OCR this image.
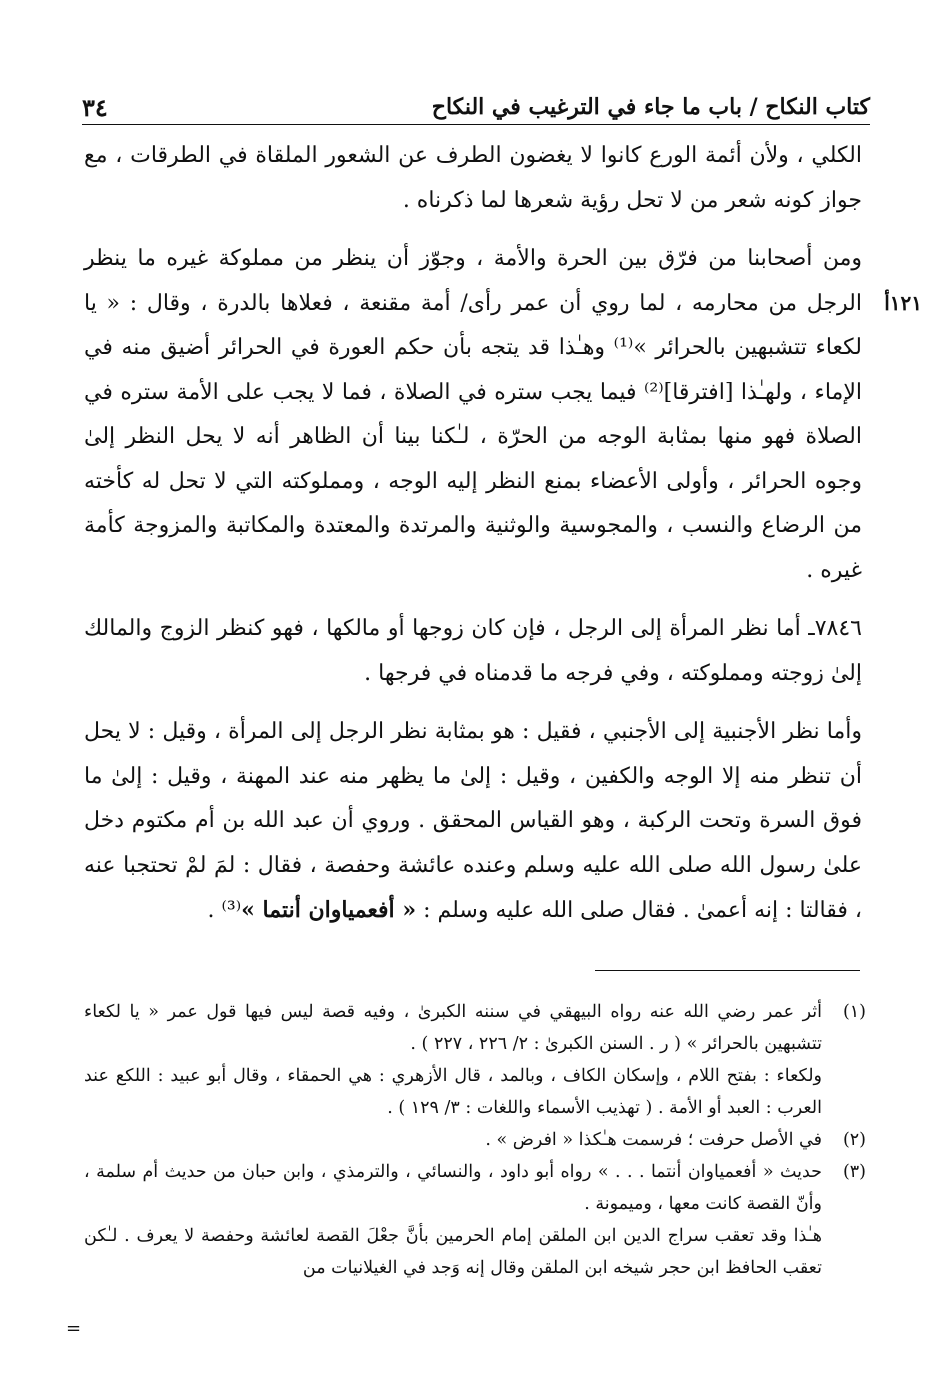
كتاب النكاح / باب ما جاء في الترغيب في النكاح
٣٤
١٢١أ

الكلي ، ولأن أئمة الورع كانوا لا يغضون الطرف عن الشعور الملقاة في الطرقات ، مع جواز كونه شعر من لا تحل رؤية شعرها لما ذكرناه .

ومن أصحابنا من فرّق بين الحرة والأمة ، وجوّز أن ينظر من مملوكة غيره ما ينظر الرجل من محارمه ، لما روي أن عمر رأى/ أمة مقنعة ، فعلاها بالدرة ، وقال : « يا لكعاء تتشبهين بالحرائر »⁽¹⁾ وهـٰذا قد يتجه بأن حكم العورة في الحرائر أضيق منه في الإماء ، ولهـٰذا [افترقا]⁽²⁾ فيما يجب ستره في الصلاة ، فما لا يجب على الأمة ستره في الصلاة فهو منها بمثابة الوجه من الحرّة ، لـٰكنا بينا أن الظاهر أنه لا يحل النظر إلىٰ وجوه الحرائر ، وأولى الأعضاء بمنع النظر إليه الوجه ، ومملوكته التي لا تحل له كأخته من الرضاع والنسب ، والمجوسية والوثنية والمرتدة والمعتدة والمكاتبة والمزوجة كأمة غيره .

٧٨٤٦ـ أما نظر المرأة إلى الرجل ، فإن كان زوجها أو مالكها ، فهو كنظر الزوج والمالك إلىٰ زوجته ومملوكته ، وفي فرجه ما قدمناه في فرجها .

وأما نظر الأجنبية إلى الأجنبي ، فقيل : هو بمثابة نظر الرجل إلى المرأة ، وقيل : لا يحل أن تنظر منه إلا الوجه والكفين ، وقيل : إلىٰ ما يظهر منه عند المهنة ، وقيل : إلىٰ ما فوق السرة وتحت الركبة ، وهو القياس المحقق . وروي أن عبد الله بن أم مكتوم دخل علىٰ رسول الله صلى الله عليه وسلم وعنده عائشة وحفصة ، فقال : لمَ لمْ تحتجبا عنه ، فقالتا : إنه أعمىٰ . فقال صلى الله عليه وسلم : « أفعمياوان أنتما »⁽³⁾ .

(١)
أثر عمر رضي الله عنه رواه البيهقي في سننه الكبرىٰ ، وفيه قصة ليس فيها قول عمر « يا لكعاء تتشبهين بالحرائر » ( ر . السنن الكبرىٰ : ٢/ ٢٢٦ ، ٢٢٧ ) .
ولكعاء : بفتح اللام ، وإسكان الكاف ، وبالمد ، قال الأزهري : هي الحمقاء ، وقال أبو عبيد : اللكع عند العرب : العبد أو الأمة . ( تهذيب الأسماء واللغات : ٣/ ١٢٩ ) .
(٢)
في الأصل حرفت ؛ فرسمت هـٰكذا « افرض » .
(٣)
حديث « أفعمياوان أنتما . . . » رواه أبو داود ، والنسائي ، والترمذي ، وابن حبان من حديث أم سلمة ، وأنّ القصة كانت معها ، وميمونة .
هـٰذا وقد تعقب سراج الدين ابن الملقن إمام الحرمين بأنَّ جعْلَ القصة لعائشة وحفصة لا يعرف . لـٰكن تعقب الحافظ ابن حجر شيخه ابن الملقن وقال إنه وَجد في الغيلانيات من
=
